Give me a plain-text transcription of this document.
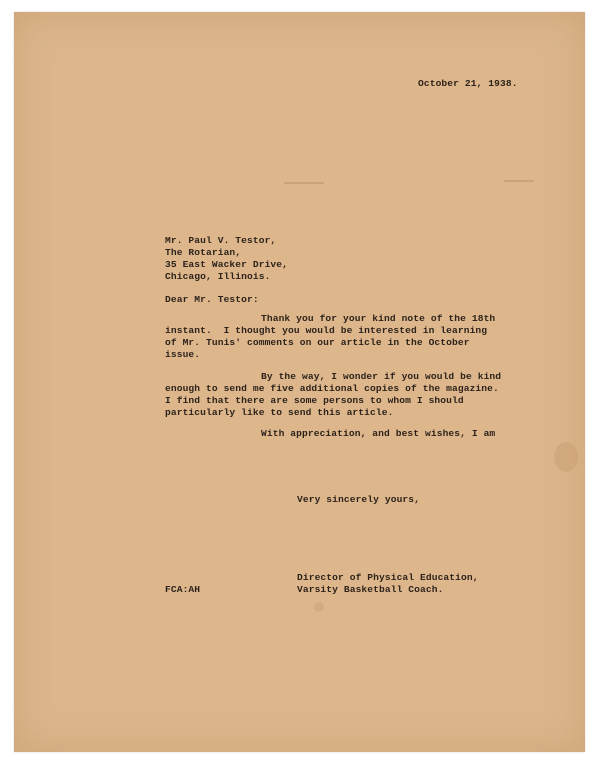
October 21, 1938.
Mr. Paul V. Testor,
The Rotarian,
35 East Wacker Drive,
Chicago, Illinois.
Dear Mr. Testor:
Thank you for your kind note of the 18th
instant.  I thought you would be interested in learning
of Mr. Tunis' comments on our article in the October
issue.
By the way, I wonder if you would be kind
enough to send me five additional copies of the magazine.
I find that there are some persons to whom I should
particularly like to send this article.
With appreciation, and best wishes, I am
Very sincerely yours,
FCA:AH
Director of Physical Education,
Varsity Basketball Coach.
